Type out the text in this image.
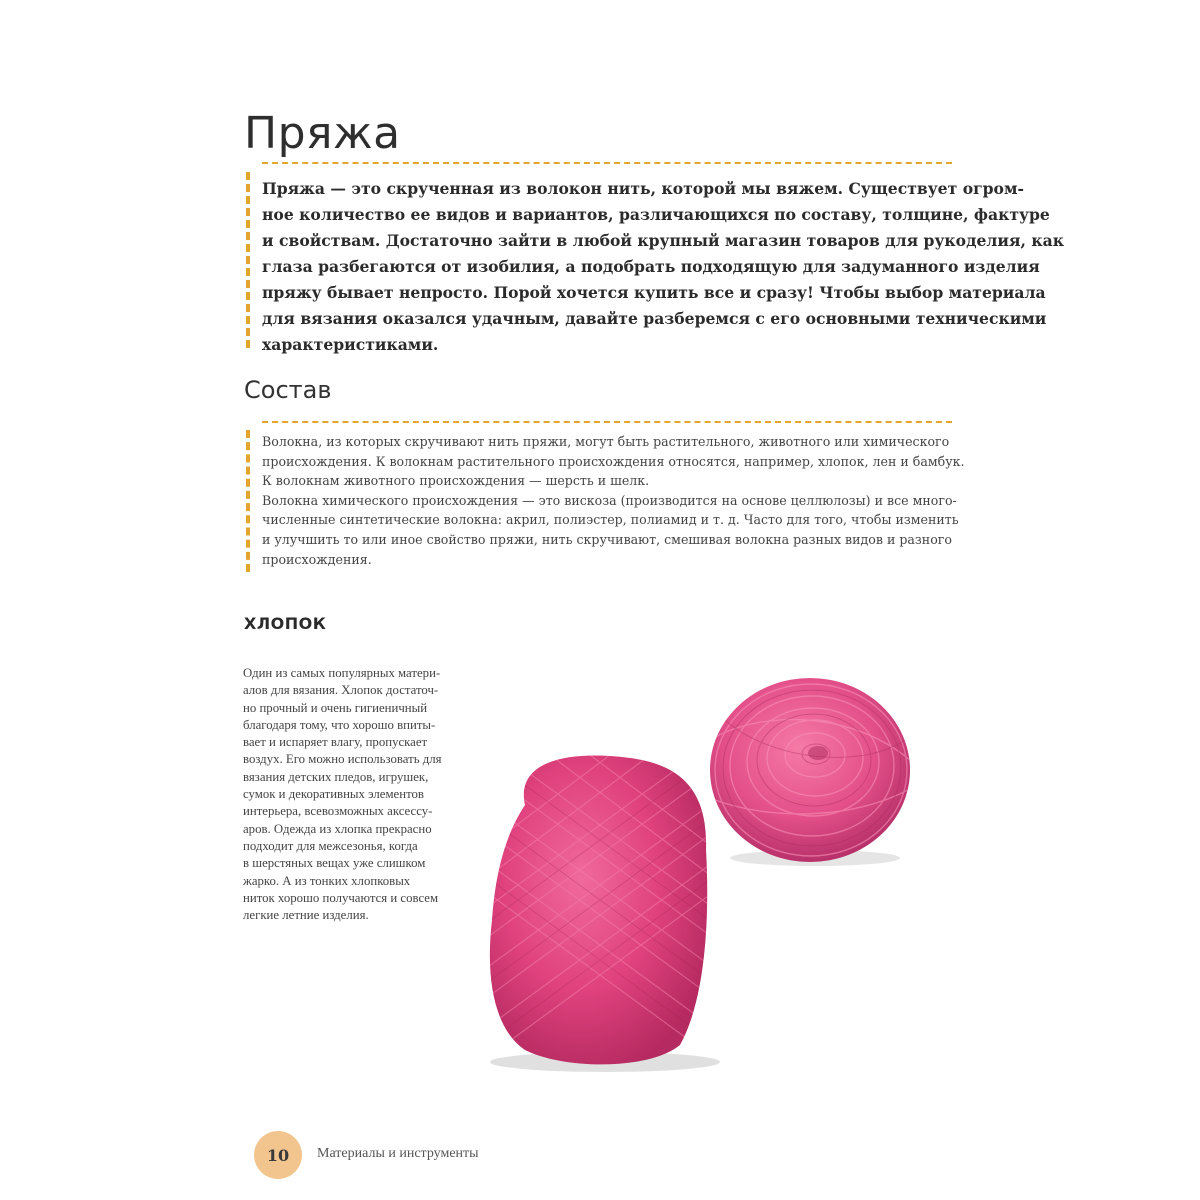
Пряжа

Пряжа — это скрученная из волокон нить, которой мы вяжем. Существует огром-
ное количество ее видов и вариантов, различающихся по составу, толщине, фактуре
и свойствам. Достаточно зайти в любой крупный магазин товаров для рукоделия, как
глаза разбегаются от изобилия, а подобрать подходящую для задуманного изделия
пряжу бывает непросто. Порой хочется купить все и сразу! Чтобы выбор материала
для вязания оказался удачным, давайте разберемся с его основными техническими
характеристиками.

Состав

Волокна, из которых скручивают нить пряжи, могут быть растительного, животного или химического
происхождения. К волокнам растительного происхождения относятся, например, хлопок, лен и бамбук.
К волокнам животного происхождения — шерсть и шелк.
Волокна химического происхождения — это вискоза (производится на основе целлюлозы) и все много-
численные синтетические волокна: акрил, полиэстер, полиамид и т. д. Часто для того, чтобы изменить
и улучшить то или иное свойство пряжи, нить скручивают, смешивая волокна разных видов и разного
происхождения.

ХЛОПОК

Один из самых популярных матери-
алов для вязания. Хлопок достаточ-
но прочный и очень гигиеничный
благодаря тому, что хорошо впиты-
вает и испаряет влагу, пропускает
воздух. Его можно использовать для
вязания детских пледов, игрушек,
сумок и декоративных элементов
интерьера, всевозможных аксессу-
аров. Одежда из хлопка прекрасно
подходит для межсезонья, когда
в шерстяных вещах уже слишком
жарко. А из тонких хлопковых
ниток хорошо получаются и совсем
легкие летние изделия.

10 Материалы и инструменты
